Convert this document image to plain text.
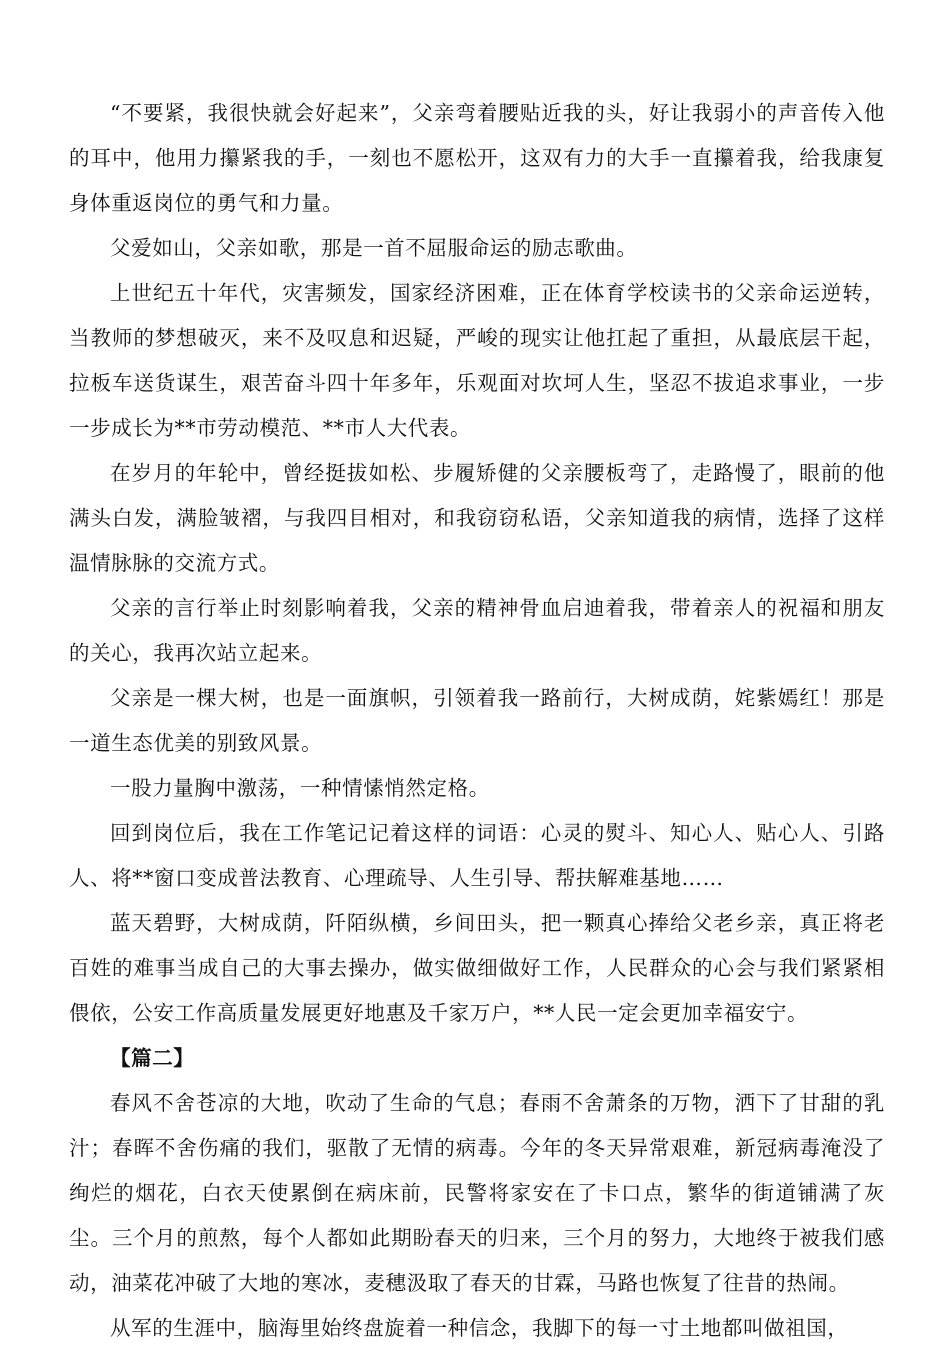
“不要紧，我很快就会好起来”，父亲弯着腰贴近我的头，好让我弱小的声音传入他的耳中，他用力攥紧我的手，一刻也不愿松开，这双有力的大手一直攥着我，给我康复身体重返岗位的勇气和力量。

父爱如山，父亲如歌，那是一首不屈服命运的励志歌曲。

上世纪五十年代，灾害频发，国家经济困难，正在体育学校读书的父亲命运逆转，当教师的梦想破灭，来不及叹息和迟疑，严峻的现实让他扛起了重担，从最底层干起，拉板车送货谋生，艰苦奋斗四十年多年，乐观面对坎坷人生，坚忍不拔追求事业，一步一步成长为**市劳动模范、**市人大代表。

在岁月的年轮中，曾经挺拔如松、步履矫健的父亲腰板弯了，走路慢了，眼前的他满头白发，满脸皱褶，与我四目相对，和我窃窃私语，父亲知道我的病情，选择了这样温情脉脉的交流方式。

父亲的言行举止时刻影响着我，父亲的精神骨血启迪着我，带着亲人的祝福和朋友的关心，我再次站立起来。

父亲是一棵大树，也是一面旗帜，引领着我一路前行，大树成荫，姹紫嫣红！那是一道生态优美的别致风景。

一股力量胸中激荡，一种情愫悄然定格。

回到岗位后，我在工作笔记记着这样的词语：心灵的熨斗、知心人、贴心人、引路人、将**窗口变成普法教育、心理疏导、人生引导、帮扶解难基地……

蓝天碧野，大树成荫，阡陌纵横，乡间田头，把一颗真心捧给父老乡亲，真正将老百姓的难事当成自己的大事去操办，做实做细做好工作，人民群众的心会与我们紧紧相偎依，公安工作高质量发展更好地惠及千家万户，**人民一定会更加幸福安宁。

【篇二】

春风不舍苍凉的大地，吹动了生命的气息；春雨不舍萧条的万物，洒下了甘甜的乳汁；春晖不舍伤痛的我们，驱散了无情的病毒。今年的冬天异常艰难，新冠病毒淹没了绚烂的烟花，白衣天使累倒在病床前，民警将家安在了卡口点，繁华的街道铺满了灰尘。三个月的煎熬，每个人都如此期盼春天的归来，三个月的努力，大地终于被我们感动，油菜花冲破了大地的寒冰，麦穗汲取了春天的甘霖，马路也恢复了往昔的热闹。

从军的生涯中，脑海里始终盘旋着一种信念，我脚下的每一寸土地都叫做祖国，
